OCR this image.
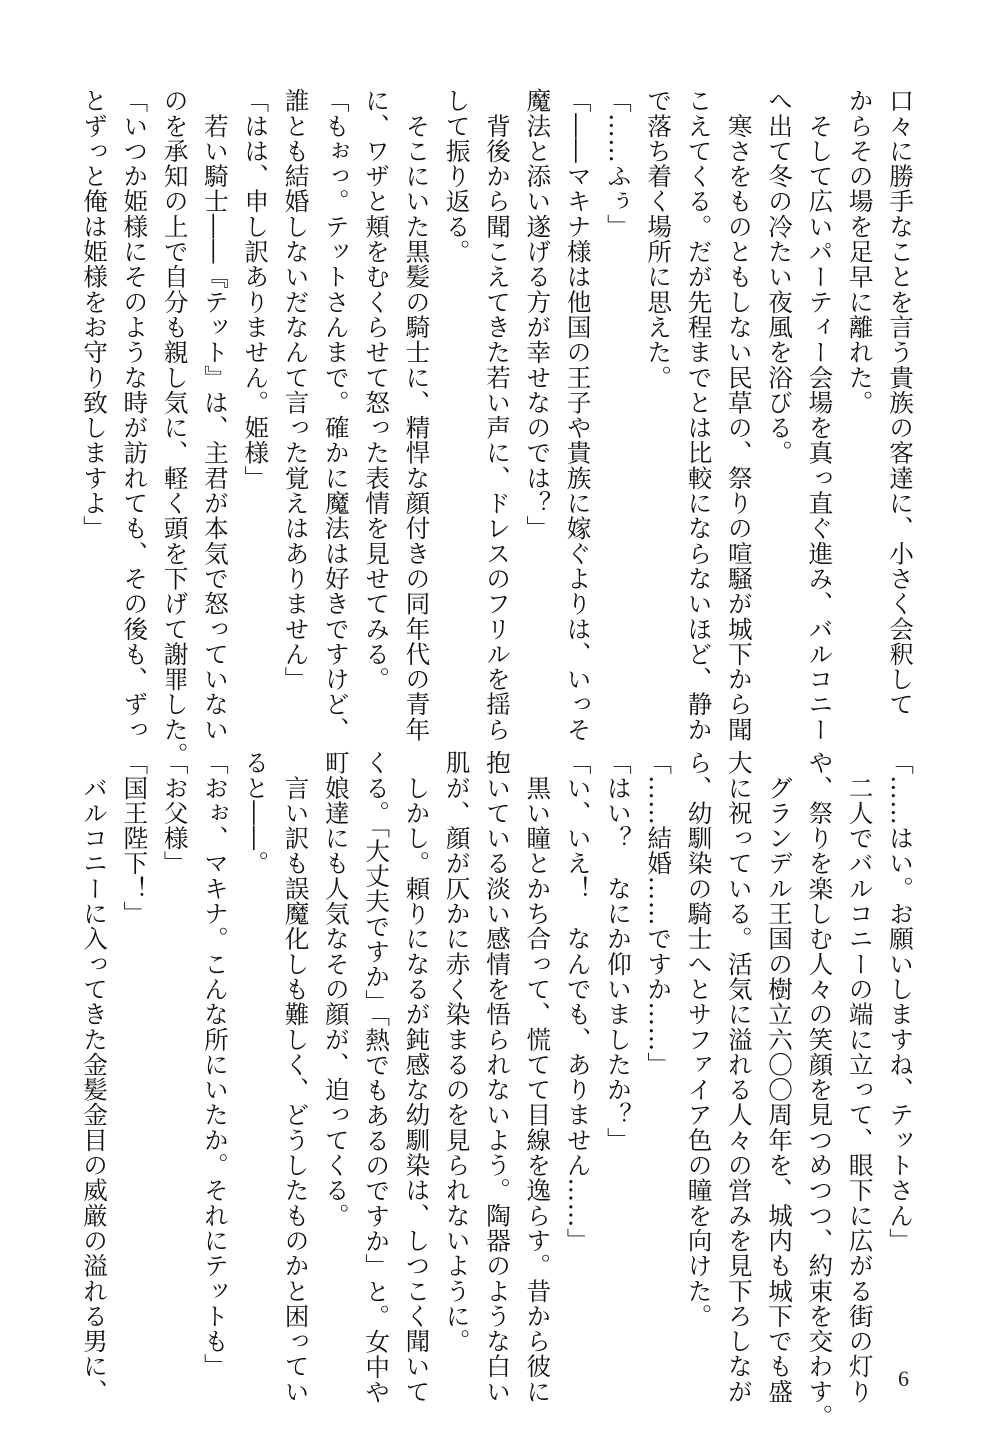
口々に勝手なことを言う貴族の客達に、小さく会釈して
からその場を足早に離れた。
　そして広いパーティー会場を真っ直ぐ進み、バルコニー
へ出て冬の冷たい夜風を浴びる。
　寒さをものともしない民草の、祭りの喧騒が城下から聞
こえてくる。だが先程までとは比較にならないほど、静か
で落ち着く場所に思えた。
「……ふぅ」
「――マキナ様は他国の王子や貴族に嫁ぐよりは、いっそ
魔法と添い遂げる方が幸せなのでは？」
　背後から聞こえてきた若い声に、ドレスのフリルを揺ら
して振り返る。
　そこにいた黒髪の騎士に、精悍な顔付きの同年代の青年
に、ワザと頬をむくらせて怒った表情を見せてみる。
「もぉっ。テットさんまで。確かに魔法は好きですけど、
誰とも結婚しないだなんて言った覚えはありません」
「はは、申し訳ありません。姫様」
　若い騎士――『テット』は、主君が本気で怒っていない
のを承知の上で自分も親し気に、軽く頭を下げて謝罪した。
「いつか姫様にそのような時が訪れても、その後も、ずっ
とずっと俺は姫様をお守り致しますよ」
「……はい。お願いしますね、テットさん」
　二人でバルコニーの端に立って、眼下に広がる街の灯り
や、祭りを楽しむ人々の笑顔を見つめつつ、約束を交わす。
　グランデル王国の樹立六〇〇周年を、城内も城下でも盛
大に祝っている。活気に溢れる人々の営みを見下ろしなが
ら、幼馴染の騎士へとサファイア色の瞳を向けた。
「……結婚……ですか……」
「はい？　なにか仰いましたか？」
「い、いえ！　なんでも、ありません……」
　黒い瞳とかち合って、慌てて目線を逸らす。昔から彼に
抱いている淡い感情を悟られないよう。陶器のような白い
肌が、顔が仄かに赤く染まるのを見られないように。
　しかし。頼りになるが鈍感な幼馴染は、しつこく聞いて
くる。「大丈夫ですか」「熱でもあるのですか」と。女中や
町娘達にも人気なその顔が、迫ってくる。
　言い訳も誤魔化しも難しく、どうしたものかと困ってい
ると――。
「おぉ、マキナ。こんな所にいたか。それにテットも」
「お父様」
「国王陛下！」
　バルコニーに入ってきた金髪金目の威厳の溢れる男に、	6
